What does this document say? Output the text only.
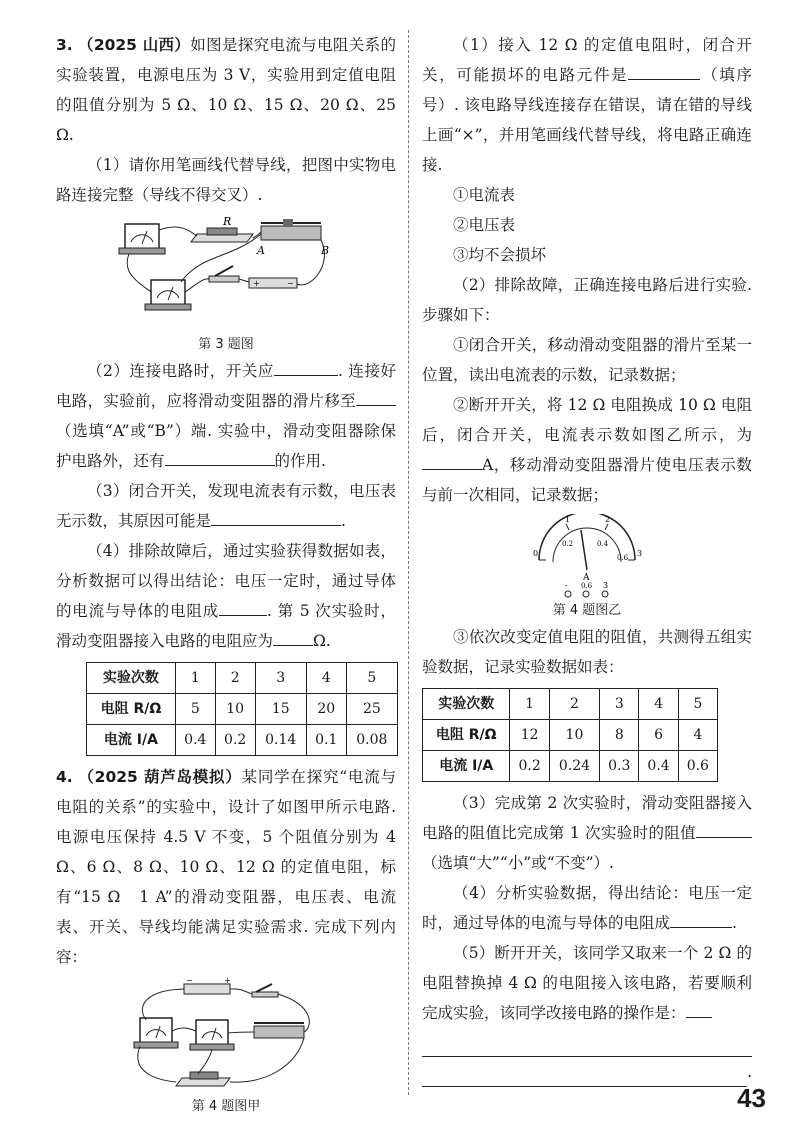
3. （2025 山西）如图是探究电流与电阻关系的实验装置，电源电压为 3 V，实验用到定值电阻的阻值分别为 5 Ω、10 Ω、15 Ω、20 Ω、25 Ω.

（1）请你用笔画线代替导线，把图中实物电路连接完整（导线不得交叉）.

R
A	B
+	−
第 3 题图

（2）连接电路时，开关应	. 连接好电路，实验前，应将滑动变阻器的滑片移至（选填“A”或“B”）端. 实验中，滑动变阻器除保护电路外，还有	的作用.

（3）闭合开关，发现电流表有示数，电压表无示数，其原因可能是	.

（4）排除故障后，通过实验获得数据如表，分析数据可以得出结论：电压一定时，通过导体的电流与导体的电阻成	. 第 5 次实验时，滑动变阻器接入电路的电阻应为	Ω.

实验次数	1	2	3	4	5
电阻 R/Ω	5	10	15	20	25
电流 I/A	0.4	0.2	0.14	0.1	0.08

4. （2025 葫芦岛模拟）某同学在探究“电流与电阻的关系”的实验中，设计了如图甲所示电路. 电源电压保持 4.5 V 不变，5 个阻值分别为 4 Ω、6 Ω、8 Ω、10 Ω、12 Ω 的定值电阻，标有“15 Ω　1 A”的滑动变阻器，电压表、电流表、开关、导线均能满足实验需求. 完成下列内容：

−	+
第 4 题图甲

（1）接入 12 Ω 的定值电阻时，闭合开关，可能损坏的电路元件是	（填序号）. 该电路导线连接存在错误，请在错的导线上画“×”，并用笔画线代替导线，将电路正确连接.

①电流表

②电压表

③均不会损坏

（2）排除故障，正确连接电路后进行实验. 步骤如下：

①闭合开关，移动滑动变阻器的滑片至某一位置，读出电流表的示数，记录数据；

②断开开关，将 12 Ω 电阻换成 10 Ω 电阻后，闭合开关，电流表示数如图乙所示，为A，移动滑动变阻器滑片使电压表示数与前一次相同，记录数据；

0
1	2
3
0.2	0.4
0.6
A
- 0.6 3
第 4 题图乙

③依次改变定值电阻的阻值，共测得五组实验数据，记录实验数据如表：

实验次数	1	2	3	4	5
电阻 R/Ω	12	10	8	6	4
电流 I/A	0.2	0.24	0.3	0.4	0.6

（3）完成第 2 次实验时，滑动变阻器接入电路的阻值比完成第 1 次实验时的阻值（选填“大”“小”或“不变”）.

（4）分析实验数据，得出结论：电压一定时，通过导体的电流与导体的电阻成	.

（5）断开开关，该同学又取来一个 2 Ω 的电阻替换掉 4 Ω 的电阻接入该电路，若要顺利完成实验，该同学改接电路的操作是：

.
43
